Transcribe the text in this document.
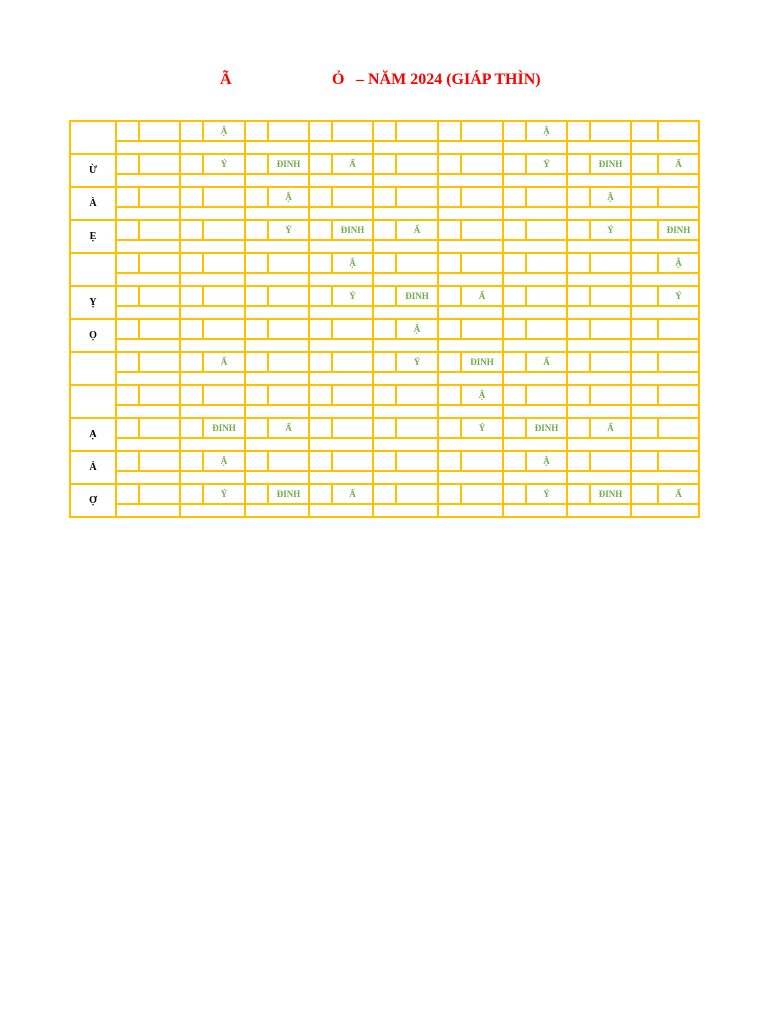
Ã	Ỏ – NĂM 2024 (GIÁP THÌN)
				Ậ										Ậ				

Ừ				Ỷ		ĐINH		Ấ						Ỷ		ĐINH		Ấ

À						Ậ										Ậ		

Ẹ						Ỷ		ĐINH		Ấ						Ỷ		ĐINH

								Ậ										Ậ

Ỵ								Ỷ		ĐINH		Ấ						Ỷ

Ọ										Ậ								

				Ấ						Ỷ		ĐINH		Ấ				

												Ậ						

Ạ				ĐINH		Ấ						Ỷ		ĐINH		Ấ		

Ả				Ậ										Ậ				

Ợ				Ỷ		ĐINH		Ấ						Ỷ		ĐINH		Ấ
